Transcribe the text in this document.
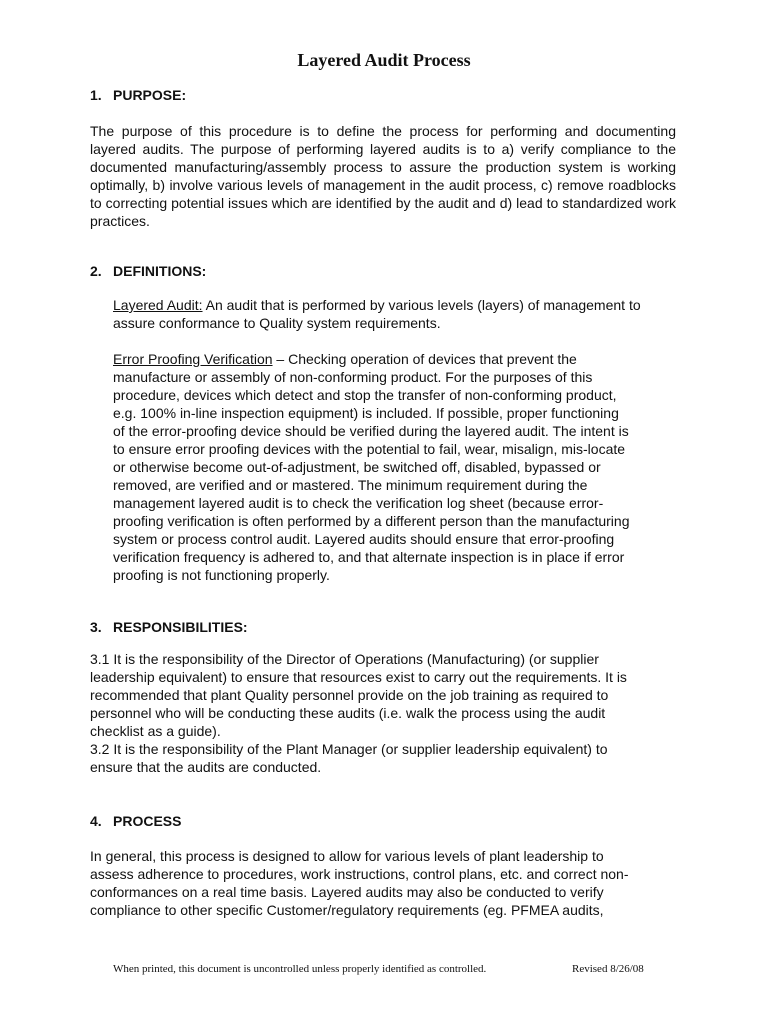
Layered Audit Process
1. PURPOSE:
The purpose of this procedure is to define the process for performing and documenting layered audits. The purpose of performing layered audits is to a) verify compliance to the documented manufacturing/assembly process to assure the production system is working optimally, b) involve various levels of management in the audit process, c) remove roadblocks to correcting potential issues which are identified by the audit and d) lead to standardized work practices.
2. DEFINITIONS:
Layered Audit: An audit that is performed by various levels (layers) of management to assure conformance to Quality system requirements.
Error Proofing Verification – Checking operation of devices that prevent the
manufacture or assembly of non-conforming product. For the purposes of this
procedure, devices which detect and stop the transfer of non-conforming product,
e.g. 100% in-line inspection equipment) is included. If possible, proper functioning
of the error-proofing device should be verified during the layered audit. The intent is
to ensure error proofing devices with the potential to fail, wear, misalign, mis-locate
or otherwise become out-of-adjustment, be switched off, disabled, bypassed or
removed, are verified and or mastered. The minimum requirement during the
management layered audit is to check the verification log sheet (because error-
proofing verification is often performed by a different person than the manufacturing
system or process control audit. Layered audits should ensure that error-proofing
verification frequency is adhered to, and that alternate inspection is in place if error
proofing is not functioning properly.
3. RESPONSIBILITIES:
3.1 It is the responsibility of the Director of Operations (Manufacturing) (or supplier
leadership equivalent) to ensure that resources exist to carry out the requirements. It is
recommended that plant Quality personnel provide on the job training as required to
personnel who will be conducting these audits (i.e. walk the process using the audit
checklist as a guide).
3.2 It is the responsibility of the Plant Manager (or supplier leadership equivalent) to
ensure that the audits are conducted.
4. PROCESS
In general, this process is designed to allow for various levels of plant leadership to
assess adherence to procedures, work instructions, control plans, etc. and correct non-
conformances on a real time basis. Layered audits may also be conducted to verify
compliance to other specific Customer/regulatory requirements (eg. PFMEA audits,
When printed, this document is uncontrolled unless properly identified as controlled.	Revised 8/26/08
